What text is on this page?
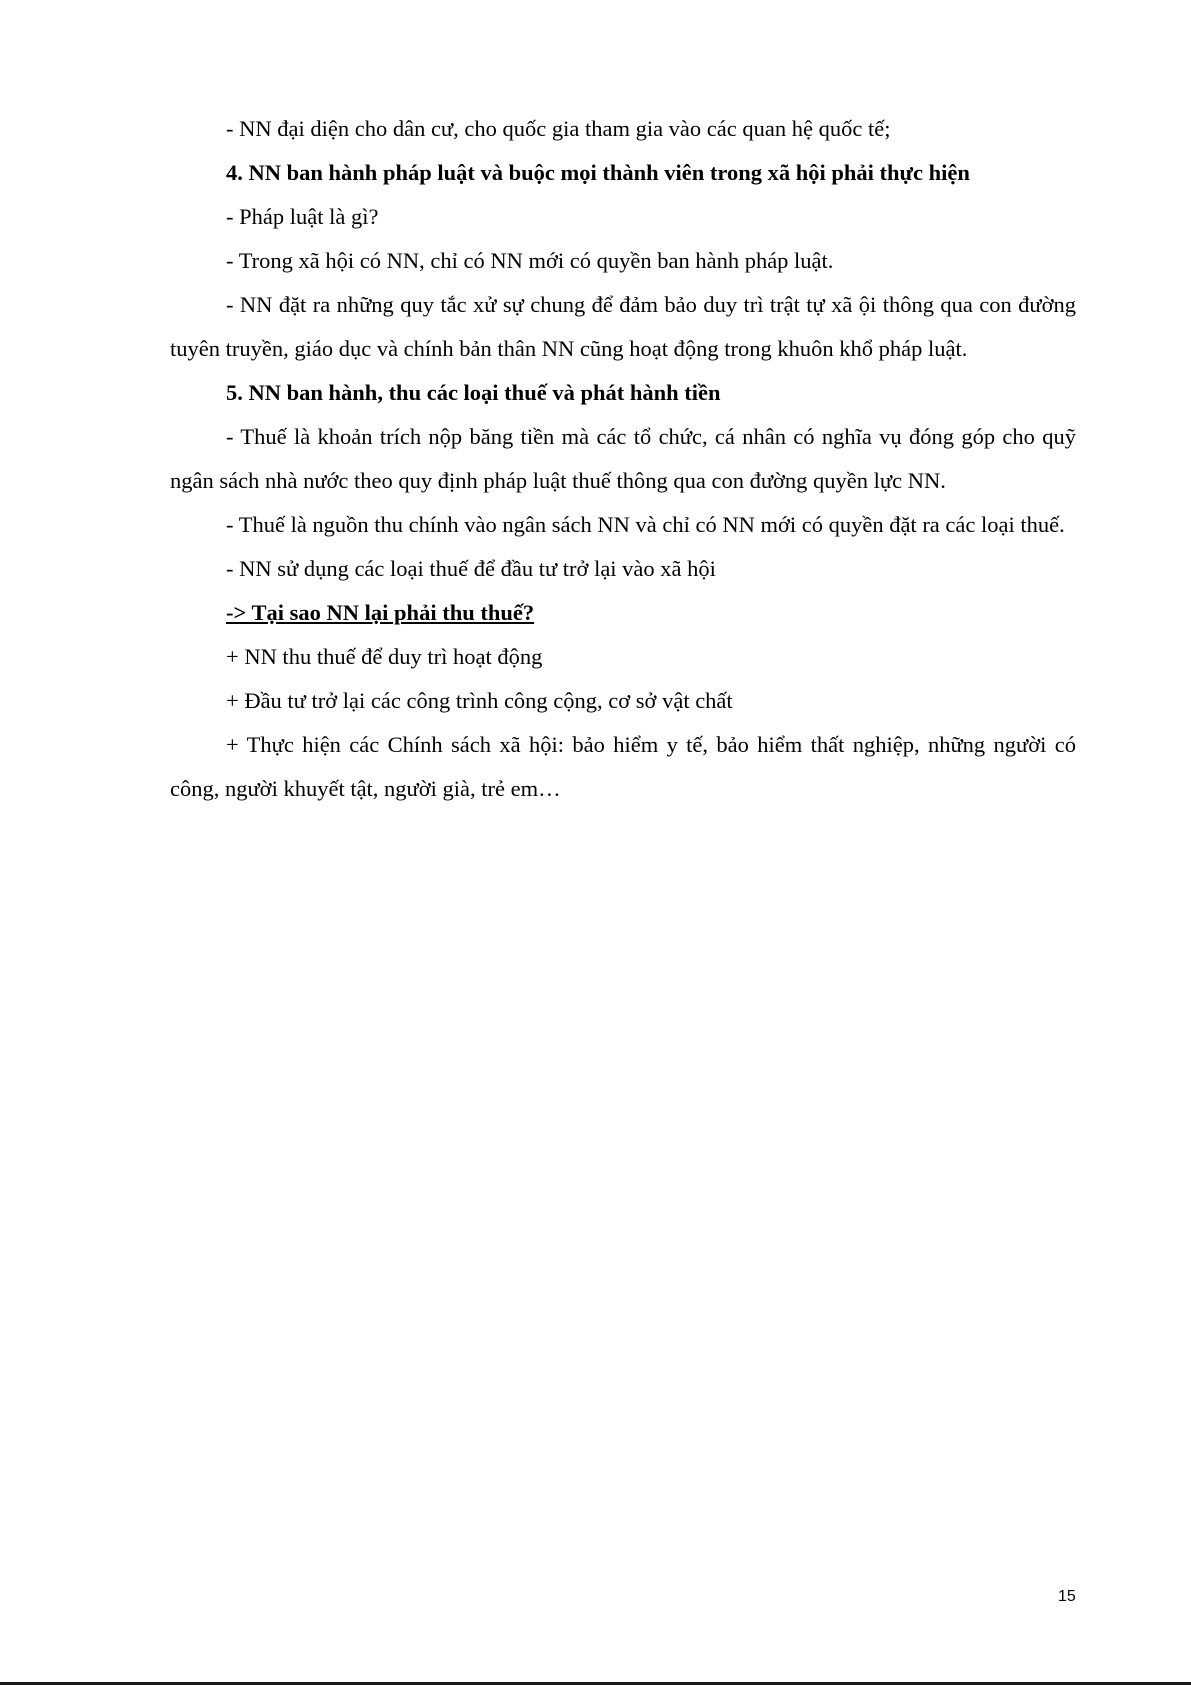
- NN đại diện cho dân cư, cho quốc gia tham gia vào các quan hệ quốc tế;

4. NN ban hành pháp luật và buộc mọi thành viên trong xã hội phải thực hiện

- Pháp luật là gì?

- Trong xã hội có NN, chỉ có NN mới có quyền ban hành pháp luật.

- NN đặt ra những quy tắc xử sự chung để đảm bảo duy trì trật tự xã ội thông qua con đường tuyên truyền, giáo dục và chính bản thân NN cũng hoạt động trong khuôn khổ pháp luật.

5. NN ban hành, thu các loại thuế và phát hành tiền

- Thuế là khoản trích nộp băng tiền mà các tổ chức, cá nhân có nghĩa vụ đóng góp cho quỹ ngân sách nhà nước theo quy định pháp luật thuế thông qua con đường quyền lực NN.

- Thuế là nguồn thu chính vào ngân sách NN và chỉ có NN mới có quyền đặt ra các loại thuế.

- NN sử dụng các loại thuế để đầu tư trở lại vào xã hội

-> Tại sao NN lại phải thu thuế?

+ NN thu thuế để duy trì hoạt động

+ Đầu tư trở lại các công trình công cộng, cơ sở vật chất

+ Thực hiện các Chính sách xã hội: bảo hiểm y tế, bảo hiểm thất nghiệp, những người có công, người khuyết tật, người già, trẻ em…

15
